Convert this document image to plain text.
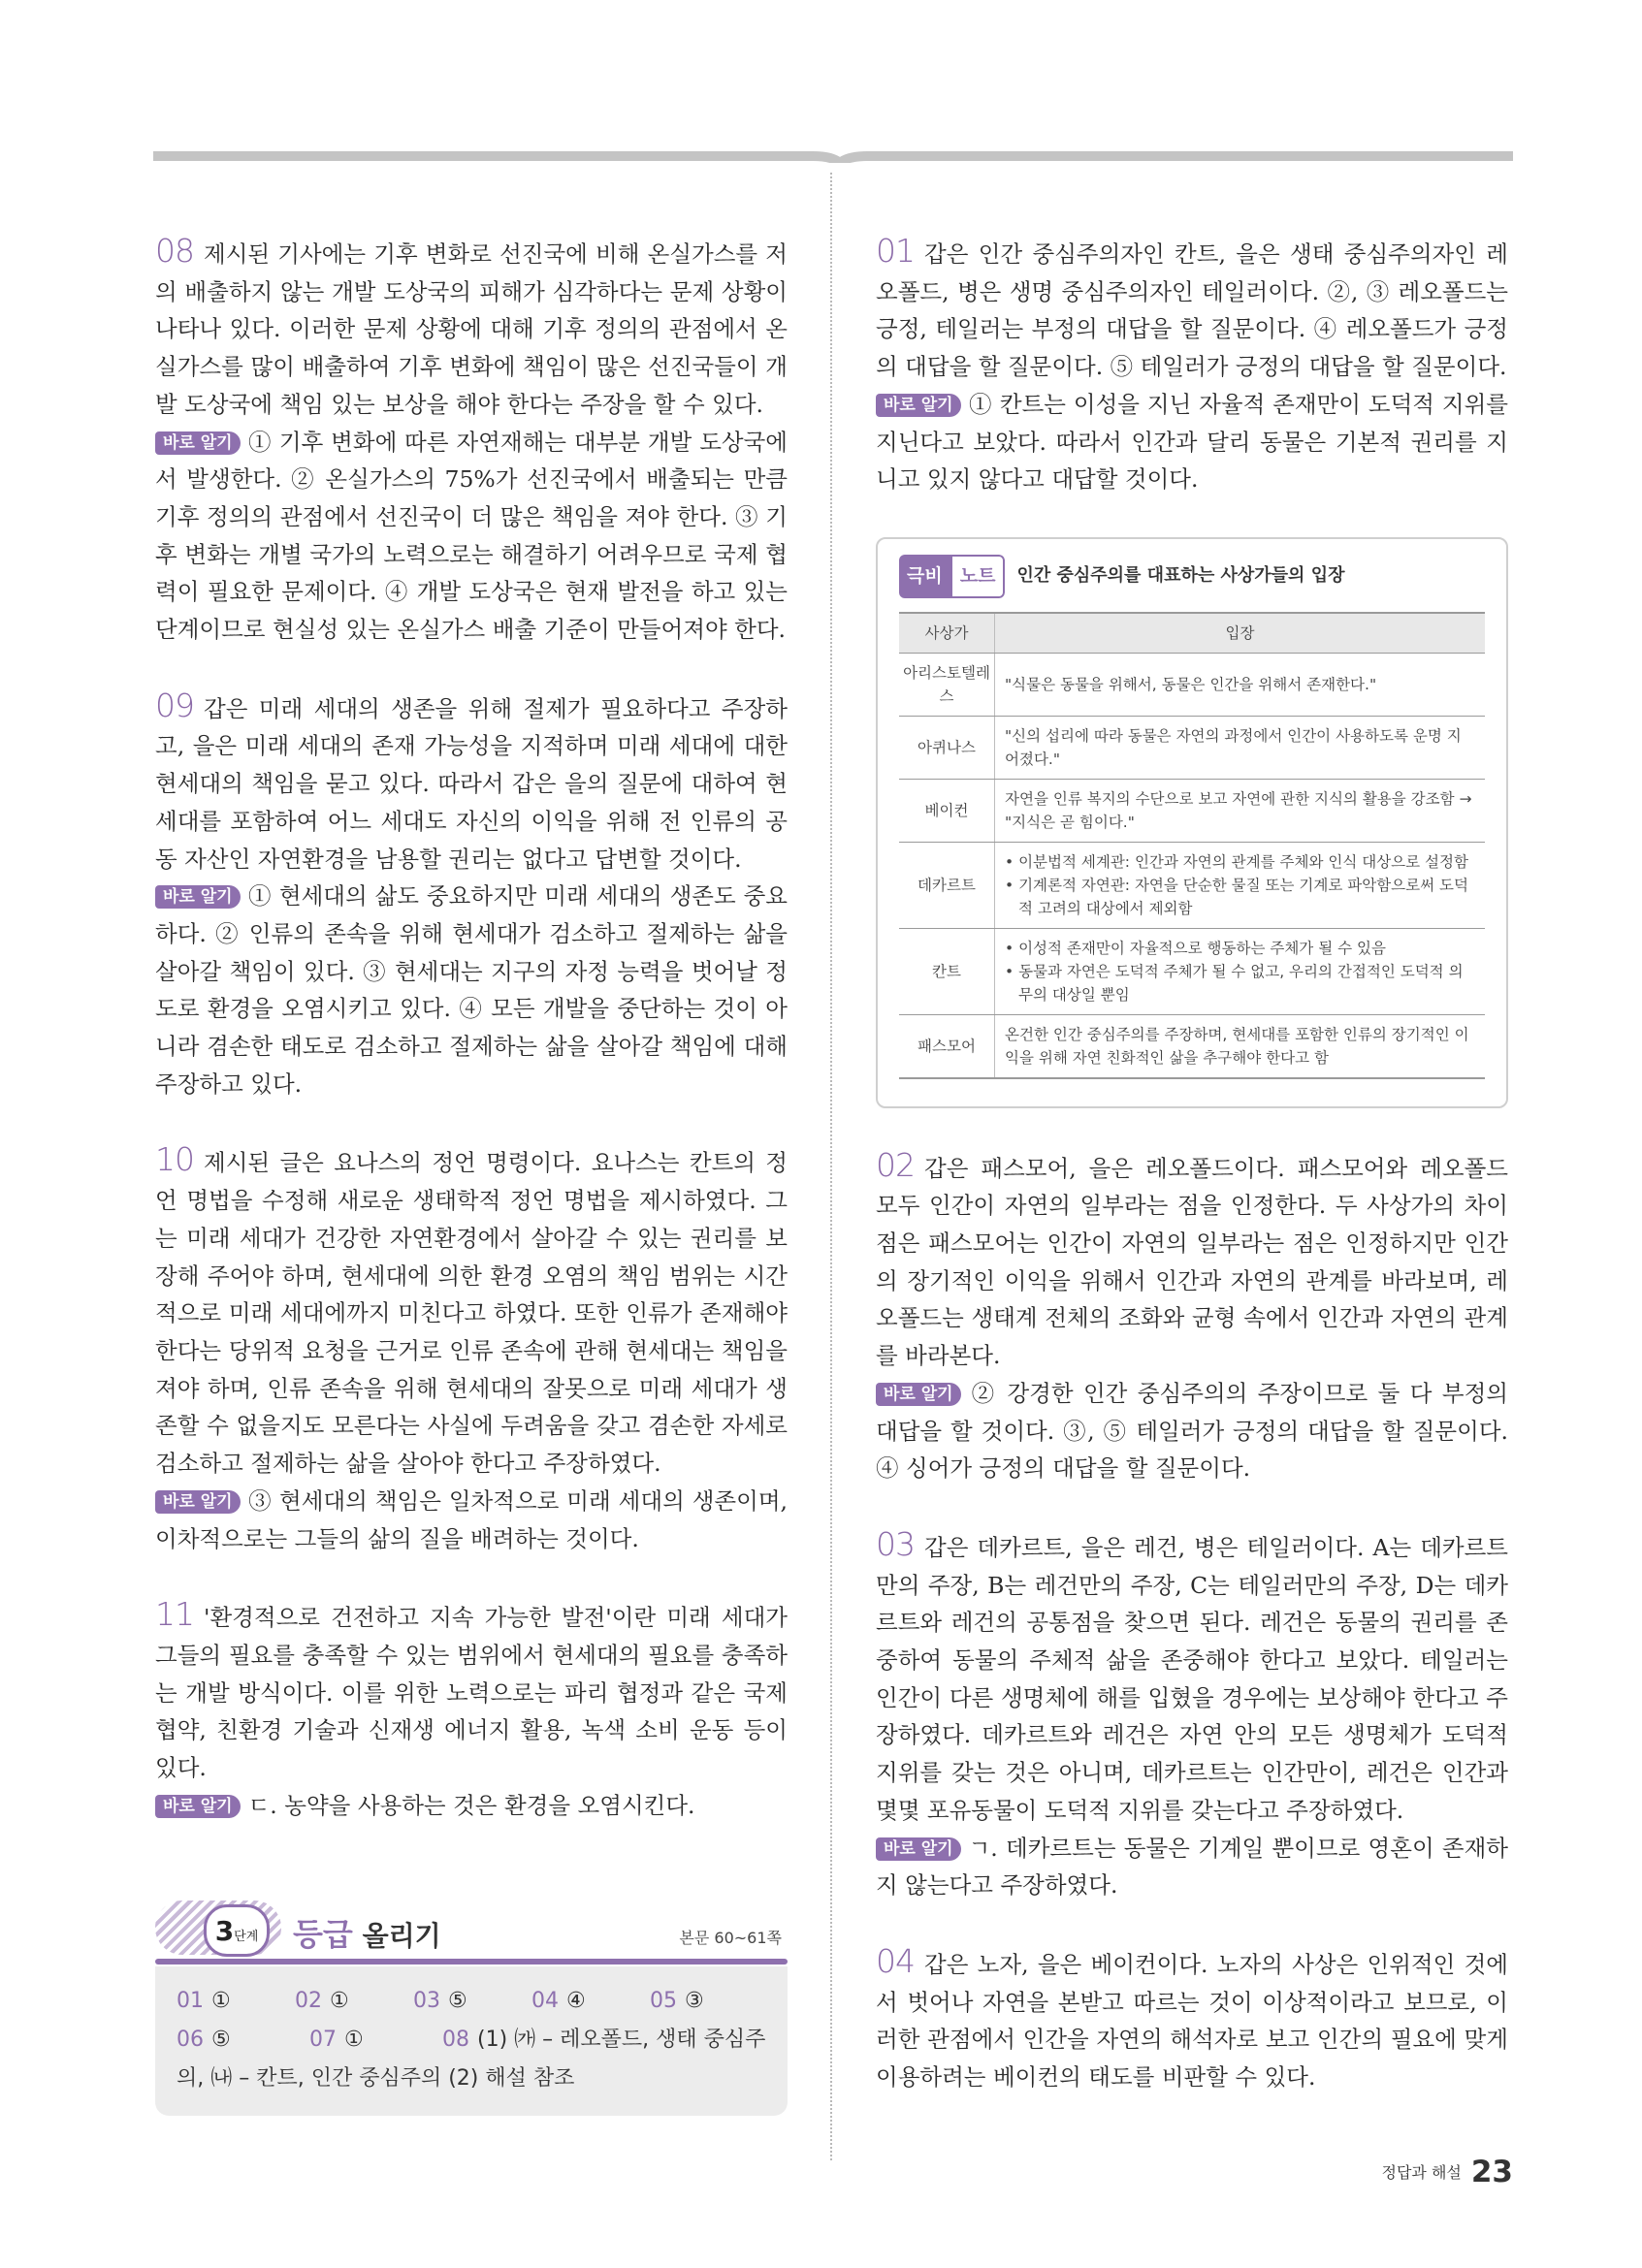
08 제시된 기사에는 기후 변화로 선진국에 비해 온실가스를 저의 배출하지 않는 개발 도상국의 피해가 심각하다는 문제 상황이 나타나 있다. 이러한 문제 상황에 대해 기후 정의의 관점에서 온실가스를 많이 배출하여 기후 변화에 책임이 많은 선진국들이 개발 도상국에 책임 있는 보상을 해야 한다는 주장을 할 수 있다.

바로 알기 ① 기후 변화에 따른 자연재해는 대부분 개발 도상국에서 발생한다. ② 온실가스의 75%가 선진국에서 배출되는 만큼 기후 정의의 관점에서 선진국이 더 많은 책임을 져야 한다. ③ 기후 변화는 개별 국가의 노력으로는 해결하기 어려우므로 국제 협력이 필요한 문제이다. ④ 개발 도상국은 현재 발전을 하고 있는 단계이므로 현실성 있는 온실가스 배출 기준이 만들어져야 한다.

09 갑은 미래 세대의 생존을 위해 절제가 필요하다고 주장하고, 을은 미래 세대의 존재 가능성을 지적하며 미래 세대에 대한 현세대의 책임을 묻고 있다. 따라서 갑은 을의 질문에 대하여 현세대를 포함하여 어느 세대도 자신의 이익을 위해 전 인류의 공동 자산인 자연환경을 남용할 권리는 없다고 답변할 것이다.

바로 알기 ① 현세대의 삶도 중요하지만 미래 세대의 생존도 중요하다. ② 인류의 존속을 위해 현세대가 검소하고 절제하는 삶을 살아갈 책임이 있다. ③ 현세대는 지구의 자정 능력을 벗어날 정도로 환경을 오염시키고 있다. ④ 모든 개발을 중단하는 것이 아니라 겸손한 태도로 검소하고 절제하는 삶을 살아갈 책임에 대해 주장하고 있다.

10 제시된 글은 요나스의 정언 명령이다. 요나스는 칸트의 정언 명법을 수정해 새로운 생태학적 정언 명법을 제시하였다. 그는 미래 세대가 건강한 자연환경에서 살아갈 수 있는 권리를 보장해 주어야 하며, 현세대에 의한 환경 오염의 책임 범위는 시간적으로 미래 세대에까지 미친다고 하였다. 또한 인류가 존재해야 한다는 당위적 요청을 근거로 인류 존속에 관해 현세대는 책임을 져야 하며, 인류 존속을 위해 현세대의 잘못으로 미래 세대가 생존할 수 없을지도 모른다는 사실에 두려움을 갖고 겸손한 자세로 검소하고 절제하는 삶을 살아야 한다고 주장하였다.

바로 알기 ③ 현세대의 책임은 일차적으로 미래 세대의 생존이며, 이차적으로는 그들의 삶의 질을 배려하는 것이다.

11 '환경적으로 건전하고 지속 가능한 발전'이란 미래 세대가 그들의 필요를 충족할 수 있는 범위에서 현세대의 필요를 충족하는 개발 방식이다. 이를 위한 노력으로는 파리 협정과 같은 국제 협약, 친환경 기술과 신재생 에너지 활용, 녹색 소비 운동 등이 있다.

바로 알기 ㄷ. 농약을 사용하는 것은 환경을 오염시킨다.

01 갑은 인간 중심주의자인 칸트, 을은 생태 중심주의자인 레오폴드, 병은 생명 중심주의자인 테일러이다. ②, ③ 레오폴드는 긍정, 테일러는 부정의 대답을 할 질문이다. ④ 레오폴드가 긍정의 대답을 할 질문이다. ⑤ 테일러가 긍정의 대답을 할 질문이다.

바로 알기 ① 칸트는 이성을 지닌 자율적 존재만이 도덕적 지위를 지닌다고 보았다. 따라서 인간과 달리 동물은 기본적 권리를 지니고 있지 않다고 대답할 것이다.

극비 노트	인간 중심주의를 대표하는 사상가들의 입장
사상가	입장
아리스토텔레스	"식물은 동물을 위해서, 동물은 인간을 위해서 존재한다."
아퀴나스	"신의 섭리에 따라 동물은 자연의 과정에서 인간이 사용하도록 운명 지어졌다."
베이컨	자연을 인류 복지의 수단으로 보고 자연에 관한 지식의 활용을 강조함 → "지식은 곧 힘이다."
데카르트	• 이분법적 세계관: 인간과 자연의 관계를 주체와 인식 대상으로 설정함
• 기계론적 자연관: 자연을 단순한 물질 또는 기계로 파악함으로써 도덕적 고려의 대상에서 제외함

칸트	• 이성적 존재만이 자율적으로 행동하는 주체가 될 수 있음
• 동물과 자연은 도덕적 주체가 될 수 없고, 우리의 간접적인 도덕적 의무의 대상일 뿐임

패스모어	온건한 인간 중심주의를 주장하며, 현세대를 포함한 인류의 장기적인 이익을 위해 자연 친화적인 삶을 추구해야 한다고 함

02 갑은 패스모어, 을은 레오폴드이다. 패스모어와 레오폴드 모두 인간이 자연의 일부라는 점을 인정한다. 두 사상가의 차이점은 패스모어는 인간이 자연의 일부라는 점은 인정하지만 인간의 장기적인 이익을 위해서 인간과 자연의 관계를 바라보며, 레오폴드는 생태계 전체의 조화와 균형 속에서 인간과 자연의 관계를 바라본다.

바로 알기 ② 강경한 인간 중심주의의 주장이므로 둘 다 부정의 대답을 할 것이다. ③, ⑤ 테일러가 긍정의 대답을 할 질문이다. ④ 싱어가 긍정의 대답을 할 질문이다.

03 갑은 데카르트, 을은 레건, 병은 테일러이다. A는 데카르트만의 주장, B는 레건만의 주장, C는 테일러만의 주장, D는 데카르트와 레건의 공통점을 찾으면 된다. 레건은 동물의 권리를 존중하여 동물의 주체적 삶을 존중해야 한다고 보았다. 테일러는 인간이 다른 생명체에 해를 입혔을 경우에는 보상해야 한다고 주장하였다. 데카르트와 레건은 자연 안의 모든 생명체가 도덕적 지위를 갖는 것은 아니며, 데카르트는 인간만이, 레건은 인간과 몇몇 포유동물이 도덕적 지위를 갖는다고 주장하였다.

바로 알기 ㄱ. 데카르트는 동물은 기계일 뿐이므로 영혼이 존재하지 않는다고 주장하였다.

04 갑은 노자, 을은 베이컨이다. 노자의 사상은 인위적인 것에서 벗어나 자연을 본받고 따르는 것이 이상적이라고 보므로, 이러한 관점에서 인간을 자연의 해석자로 보고 인간의 필요에 맞게 이용하려는 베이컨의 태도를 비판할 수 있다.

3 단계 등급 올리기	본문 60~61쪽
01 ①	02 ①	03 ⑤	04 ④	05 ③
06 ⑤	07 ①	08 (1) ㈎ – 레오폴드, 생태 중심주
의, ㈏ – 칸트, 인간 중심주의 (2) 해설 참조
정답과 해설 23
